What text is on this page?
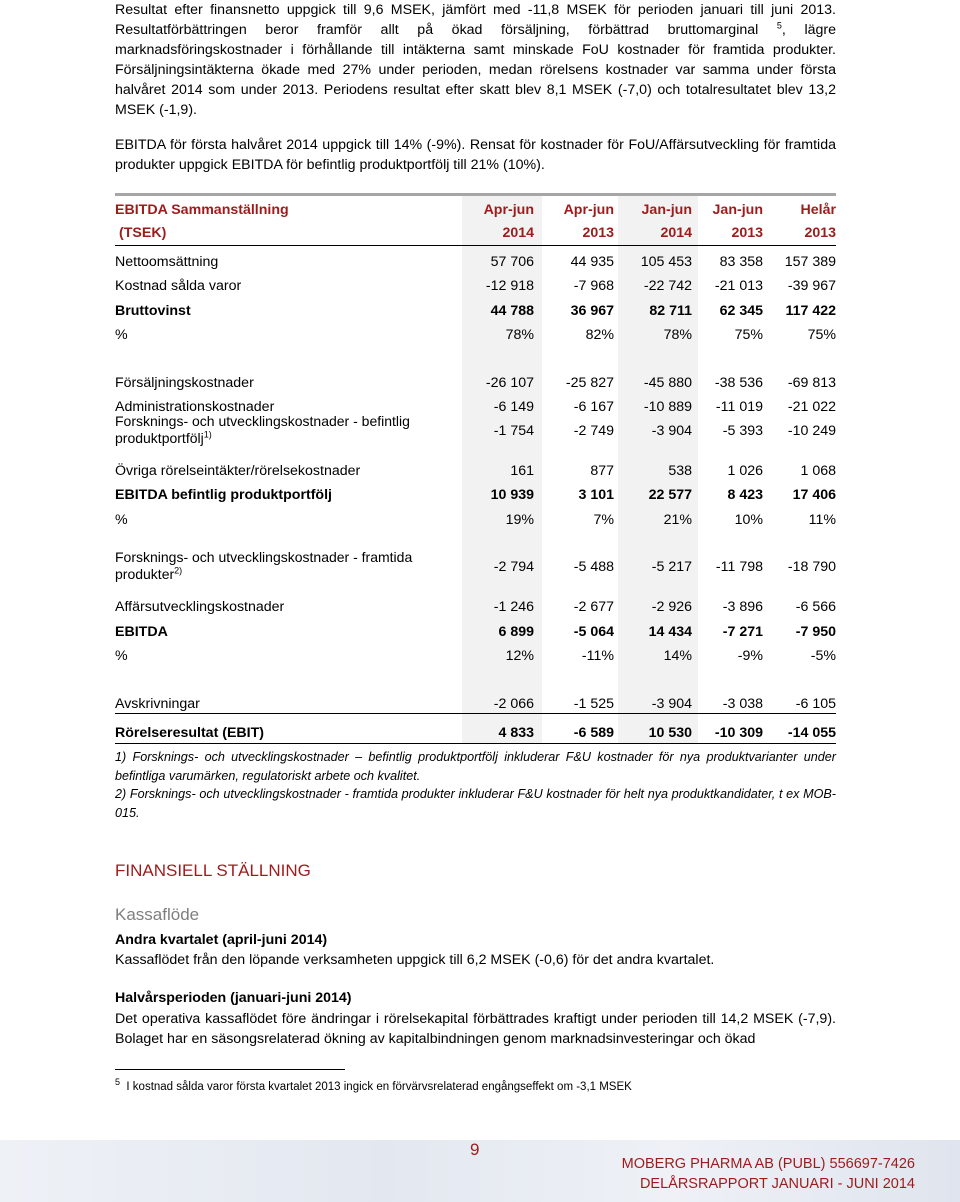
Resultat efter finansnetto uppgick till 9,6 MSEK, jämfört med -11,8 MSEK för perioden januari till juni 2013. Resultatförbättringen beror framför allt på ökad försäljning, förbättrad bruttomarginal $^5$, lägre marknadsföringskostnader i förhållande till intäkterna samt minskade FoU kostnader för framtida produkter. Försäljningsintäkterna ökade med 27% under perioden, medan rörelsens kostnader var samma under första halvåret 2014 som under 2013. Periodens resultat efter skatt blev 8,1 MSEK (-7,0) och totalresultatet blev 13,2 MSEK (-1,9).

EBITDA för första halvåret 2014 uppgick till 14% (-9%). Rensat för kostnader för FoU/Affärsutveckling för framtida produkter uppgick EBITDA för befintlig produktportfölj till 21% (10%).

EBITDA Sammanställning	Apr-jun	Apr-jun	Jan-jun	Jan-jun	Helår
(TSEK)	2014	2013	2014	2013	2013
Nettoomsättning	57 706	44 935	105 453	83 358	157 389
Kostnad sålda varor	-12 918	-7 968	-22 742	-21 013	-39 967
Bruttovinst	44 788	36 967	82 711	62 345	117 422
%	78%	82%	78%	75%	75%
Försäljningskostnader	-26 107	-25 827	-45 880	-38 536	-69 813
Administrationskostnader	-6 149	-6 167	-10 889	-11 019	-21 022
Forsknings- och utvecklingskostnader - befintlig
produktportfölj$^{1)}$	-1 754	-2 749	-3 904	-5 393	-10 249
Övriga rörelseintäkter/rörelsekostnader	161	877	538	1 026	1 068
EBITDA befintlig produktportfölj	10 939	3 101	22 577	8 423	17 406
%	19%	7%	21%	10%	11%
Forsknings- och utvecklingskostnader - framtida
produkter$^{2)}$	-2 794	-5 488	-5 217	-11 798	-18 790
Affärsutvecklingskostnader	-1 246	-2 677	-2 926	-3 896	-6 566
EBITDA	6 899	-5 064	14 434	-7 271	-7 950
%	12%	-11%	14%	-9%	-5%
Avskrivningar	-2 066	-1 525	-3 904	-3 038	-6 105
Rörelseresultat (EBIT)	4 833	-6 589	10 530	-10 309	-14 055
1) Forsknings- och utvecklingskostnader – befintlig produktportfölj inkluderar F&U kostnader för nya produktvarianter under befintliga varumärken, regulatoriskt arbete och kvalitet.
2) Forsknings- och utvecklingskostnader - framtida produkter inkluderar F&U kostnader för helt nya produktkandidater, t ex MOB-015.
FINANSIELL STÄLLNING
Kassaflöde
Andra kvartalet (april-juni 2014)

Kassaflödet från den löpande verksamheten uppgick till 6,2 MSEK (-0,6) för det andra kvartalet.

Halvårsperioden (januari-juni 2014)

Det operativa kassaflödet före ändringar i rörelsekapital förbättrades kraftigt under perioden till 14,2 MSEK (-7,9). Bolaget har en säsongsrelaterad ökning av kapitalbindningen genom marknadsinvesteringar och ökad

$^5$ I kostnad sålda varor första kvartalet 2013 ingick en förvärvsrelaterad engångseffekt om -3,1 MSEK
9
MOBERG PHARMA AB (PUBL) 556697-7426
DELÅRSRAPPORT JANUARI - JUNI 2014
